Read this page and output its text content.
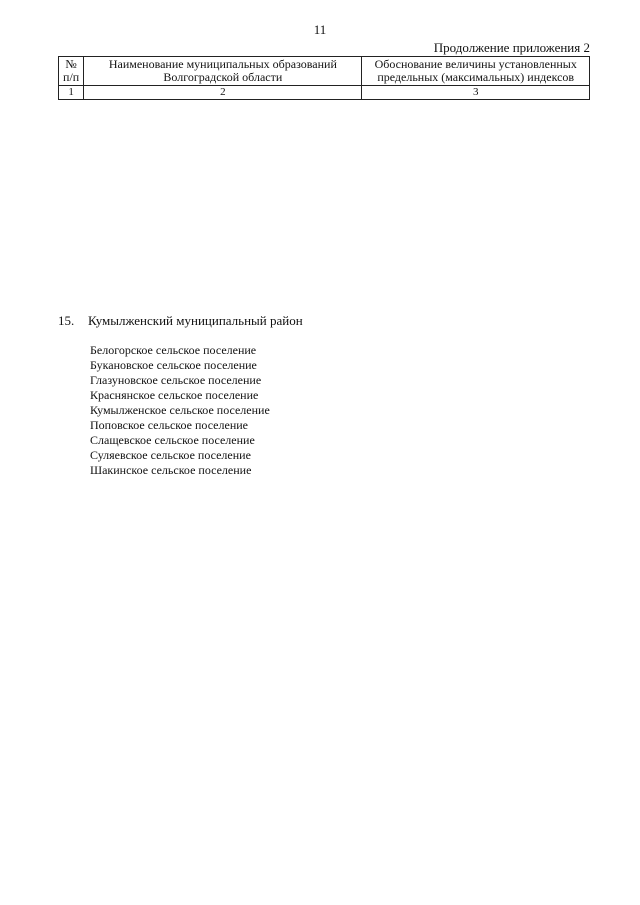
11
Продолжение приложения 2
№ п/п	Наименование муниципальных образований Волгоградской области	Обоснование величины установленных предельных (максимальных) индексов
1	2	3

15.	Кумылженский муниципальный район
Белогорское сельское поселение
Букановское сельское поселение
Глазуновское сельское поселение
Краснянское сельское поселение
Кумылженское сельское поселение
Поповское сельское поселение
Слащевское сельское поселение
Суляевское сельское поселение
Шакинское сельское поселение
